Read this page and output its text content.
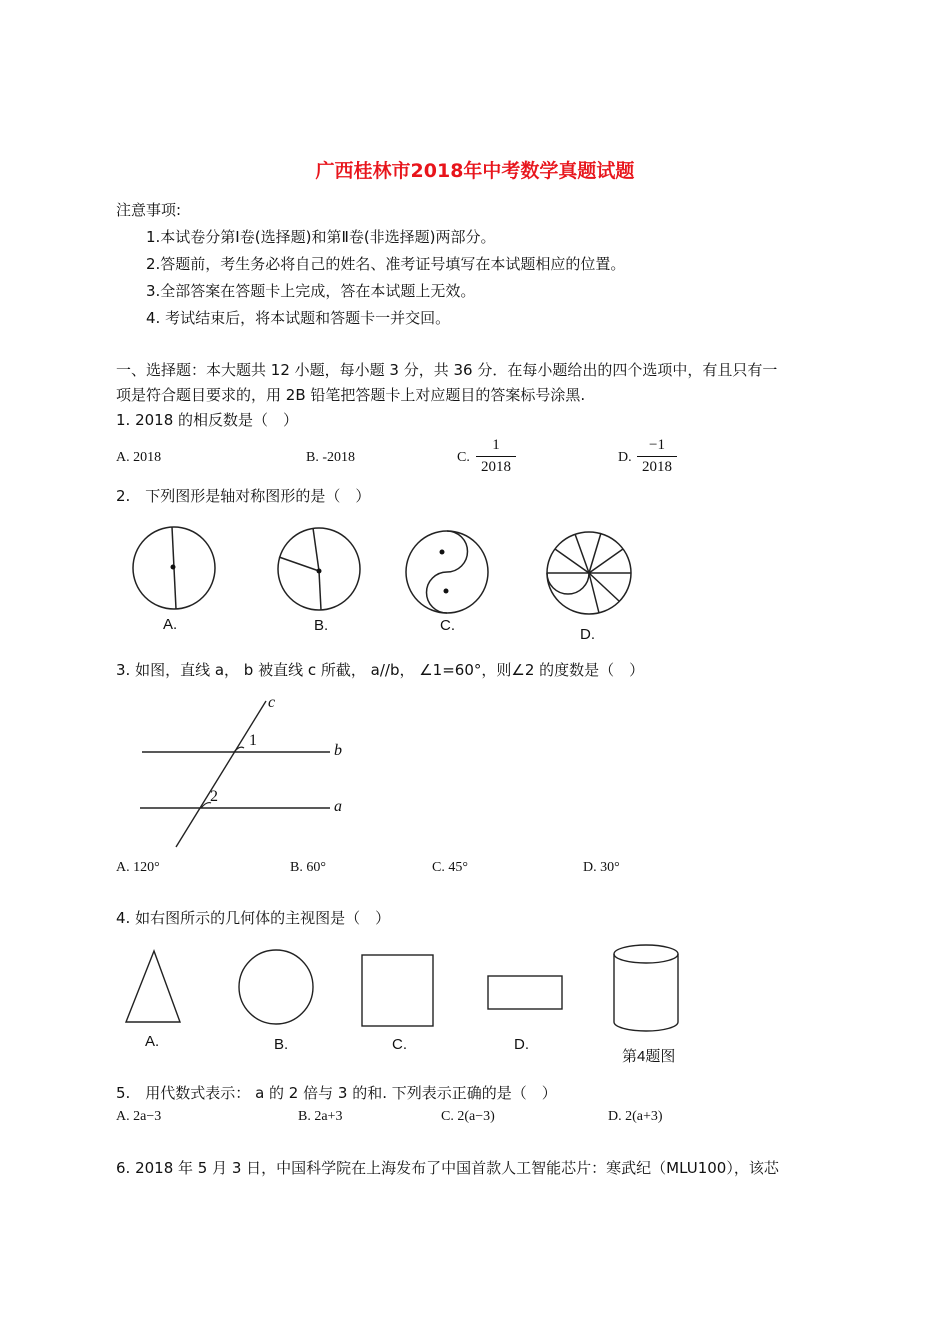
广西桂林市2018年中考数学真题试题
注意事项:
1.本试卷分第Ⅰ卷(选择题)和第Ⅱ卷(非选择题)两部分。
2.答题前，考生务必将自己的姓名、准考证号填写在本试题相应的位置。
3.全部答案在答题卡上完成，答在本试题上无效。
4. 考试结束后，将本试题和答题卡一并交回。
一、选择题：本大题共 12 小题，每小题 3 分，共 36 分．在每小题给出的四个选项中，有且只有一
项是符合题目要求的，用 2B 铅笔把答题卡上对应题目的答案标号涂黑.
1. 2018 的相反数是（　）
A. 2018	B. -2018	C.
1
2018
D.
−1
2018
2.　下列图形是轴对称图形的是（　）
A.	B.	C.
D.
3. 如图，直线 a， b 被直线 c 所截， a//b， ∠1=60°，则∠2 的度数是（　）
c
b
a
1
2
A. 120°	B. 60°	C. 45°	D. 30°
4. 如右图所示的几何体的主视图是（　）
A.	B.	C.	D.
第4题图
5.　用代数式表示： a 的 2 倍与 3 的和. 下列表示正确的是（　）
A. 2a−3	B. 2a+3	C. 2(a−3)	D. 2(a+3)
6. 2018 年 5 月 3 日，中国科学院在上海发布了中国首款人工智能芯片：寒武纪（MLU100），该芯
